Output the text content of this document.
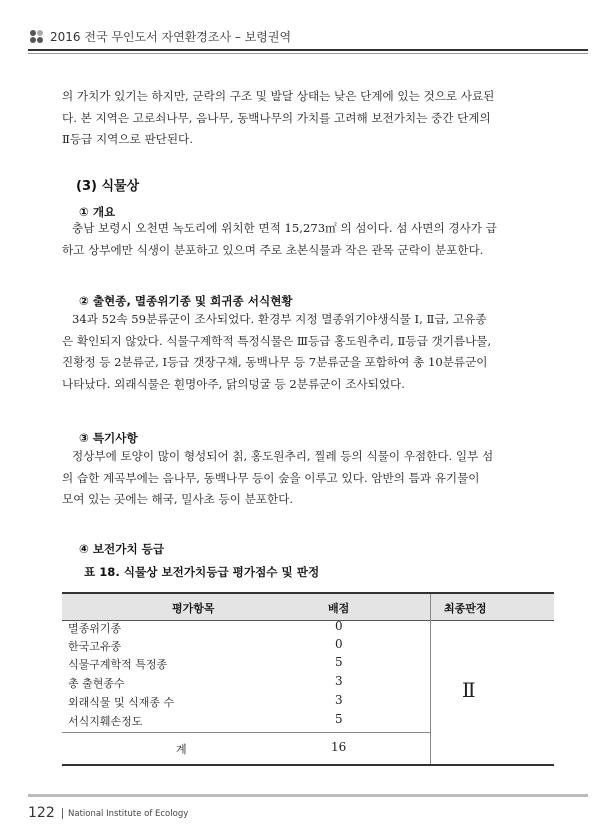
2016 전국 무인도서 자연환경조사 – 보령권역

의 가치가 있기는 하지만, 군락의 구조 및 발달 상태는 낮은 단계에 있는 것으로 사료된
다. 본 지역은 고로쇠나무, 음나무, 동백나무의 가치를 고려해 보전가치는 중간 단계의
Ⅱ등급 지역으로 판단된다.

(3) 식물상
① 개요

충남 보령시 오천면 녹도리에 위치한 면적 15,273㎡ 의 섬이다. 섬 사면의 경사가 급
하고 상부에만 식생이 분포하고 있으며 주로 초본식물과 작은 관목 군락이 분포한다.

② 출현종, 멸종위기종 및 희귀종 서식현황

34과 52속 59분류군이 조사되었다. 환경부 지정 멸종위기야생식물 Ⅰ, Ⅱ급, 고유종
은 확인되지 않았다. 식물구계학적 특정식물은 Ⅲ등급 홍도원추리, Ⅱ등급 갯기름나물,
진황정 등 2분류군, Ⅰ등급 갯장구채, 동백나무 등 7분류군을 포함하여 총 10분류군이
나타났다. 외래식물은 흰명아주, 닭의덩굴 등 2분류군이 조사되었다.

③ 특기사항

정상부에 토양이 많이 형성되어 칡, 홍도원추리, 찔레 등의 식물이 우점한다. 일부 섬
의 습한 계곡부에는 음나무, 동백나무 등이 숲을 이루고 있다. 암반의 틈과 유기물이
모여 있는 곳에는 해국, 밀사초 등이 분포한다.

④ 보전가치 등급
표 18. 식물상 보전가치등급 평가점수 및 판정
평가항목	배점	최종판정
멸종위기종	0
한국고유종	0
식물구계학적 특정종	5
총 출현종수	3
외래식물 및 식재종 수	3
서식지훼손정도	5
계	16
Ⅱ
122 National Institute of Ecology
